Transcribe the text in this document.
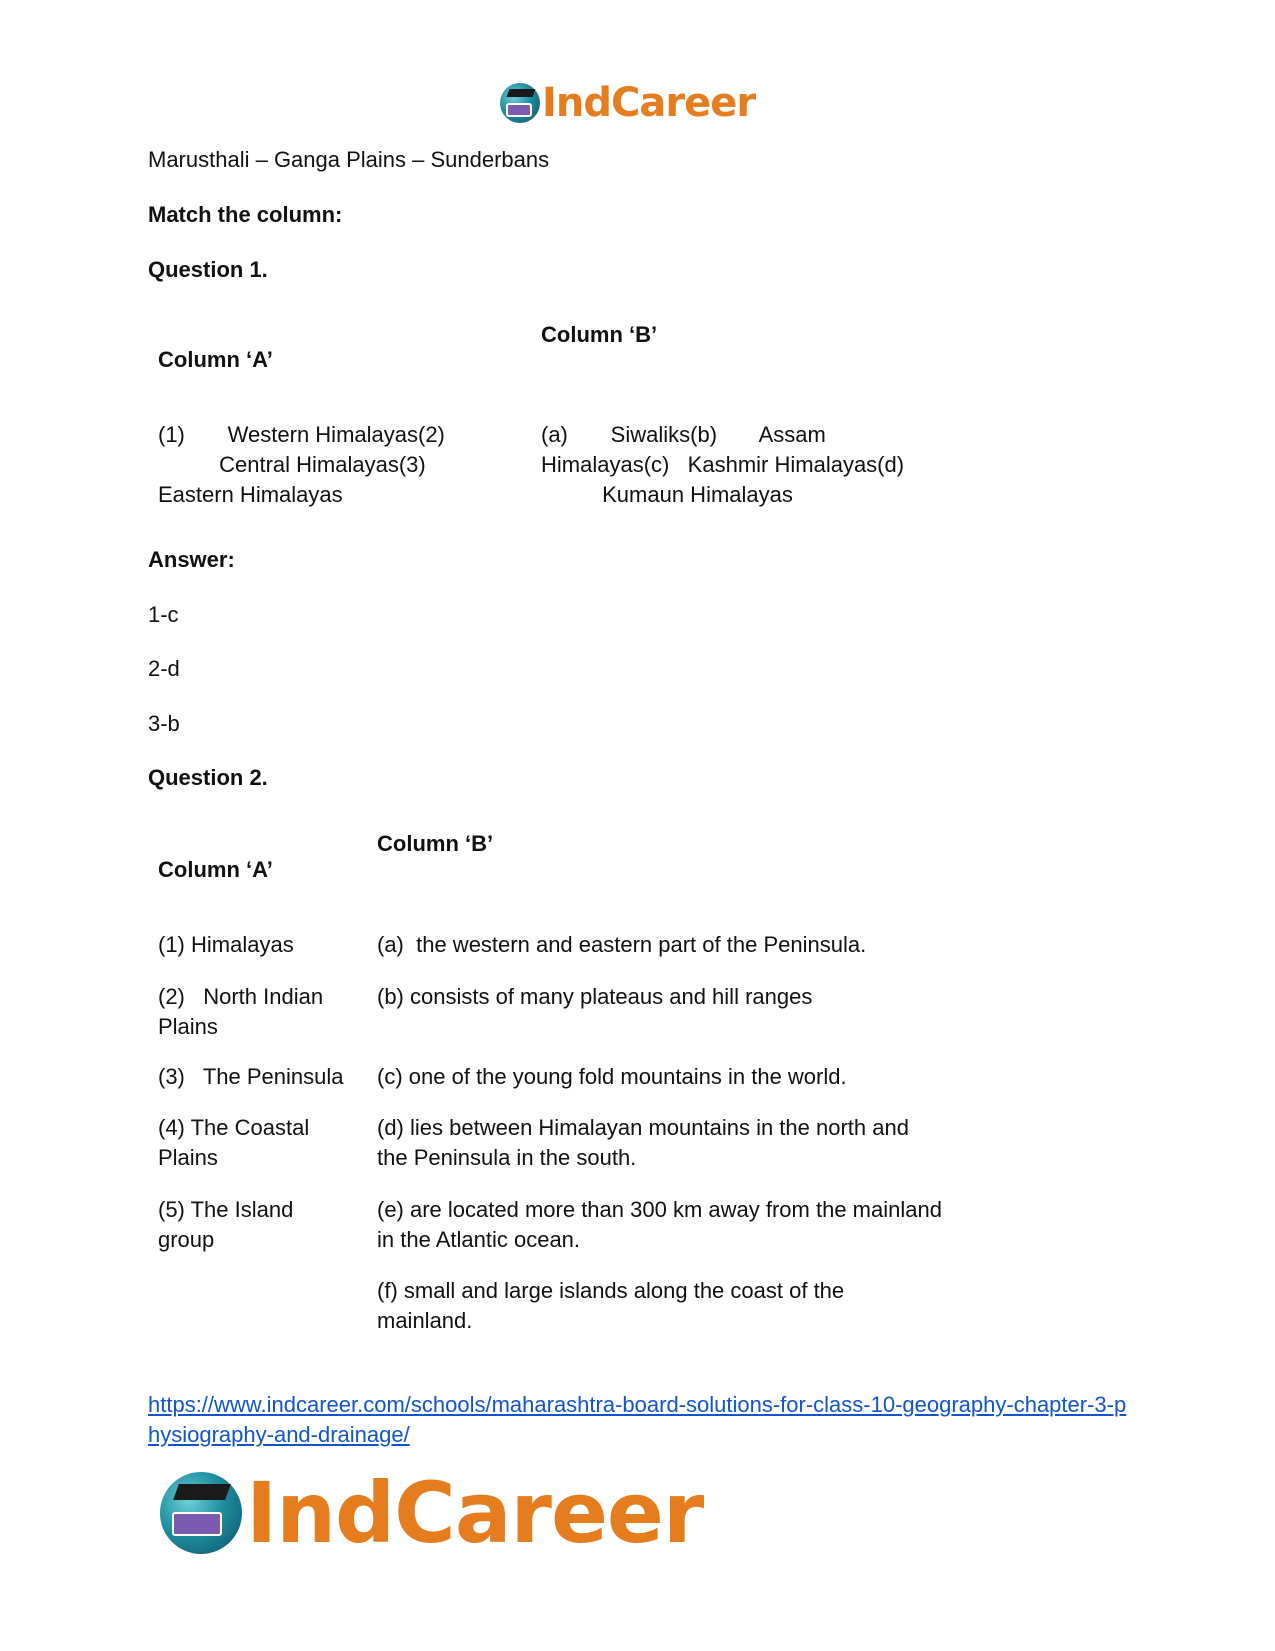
IndCareer
Marusthali – Ganga Plains – Sunderbans
Match the column:
Question 1.
Column ‘B’
Column ‘A’
(1)       Western Himalayas(2)
Central Himalayas(3)
Eastern Himalayas
(a)       Siwaliks(b)       Assam
Himalayas(c)   Kashmir Himalayas(d)
Kumaun Himalayas
Answer:
1-c
2-d
3-b
Question 2.
Column ‘B’
Column ‘A’
(1) Himalayas	(a)  the western and eastern part of the Peninsula.
(2)   North Indian
Plains
(b) consists of many plateaus and hill ranges
(3)   The Peninsula (c) one of the young fold mountains in the world.
(4) The Coastal
Plains
(d) lies between Himalayan mountains in the north and
the Peninsula in the south.
(5) The Island
group
(e) are located more than 300 km away from the mainland
in the Atlantic ocean.
(f) small and large islands along the coast of the
mainland.
https://www.indcareer.com/schools/maharashtra-board-solutions-for-class-10-geography-chapter-3-physiography-and-drainage/
IndCareer
